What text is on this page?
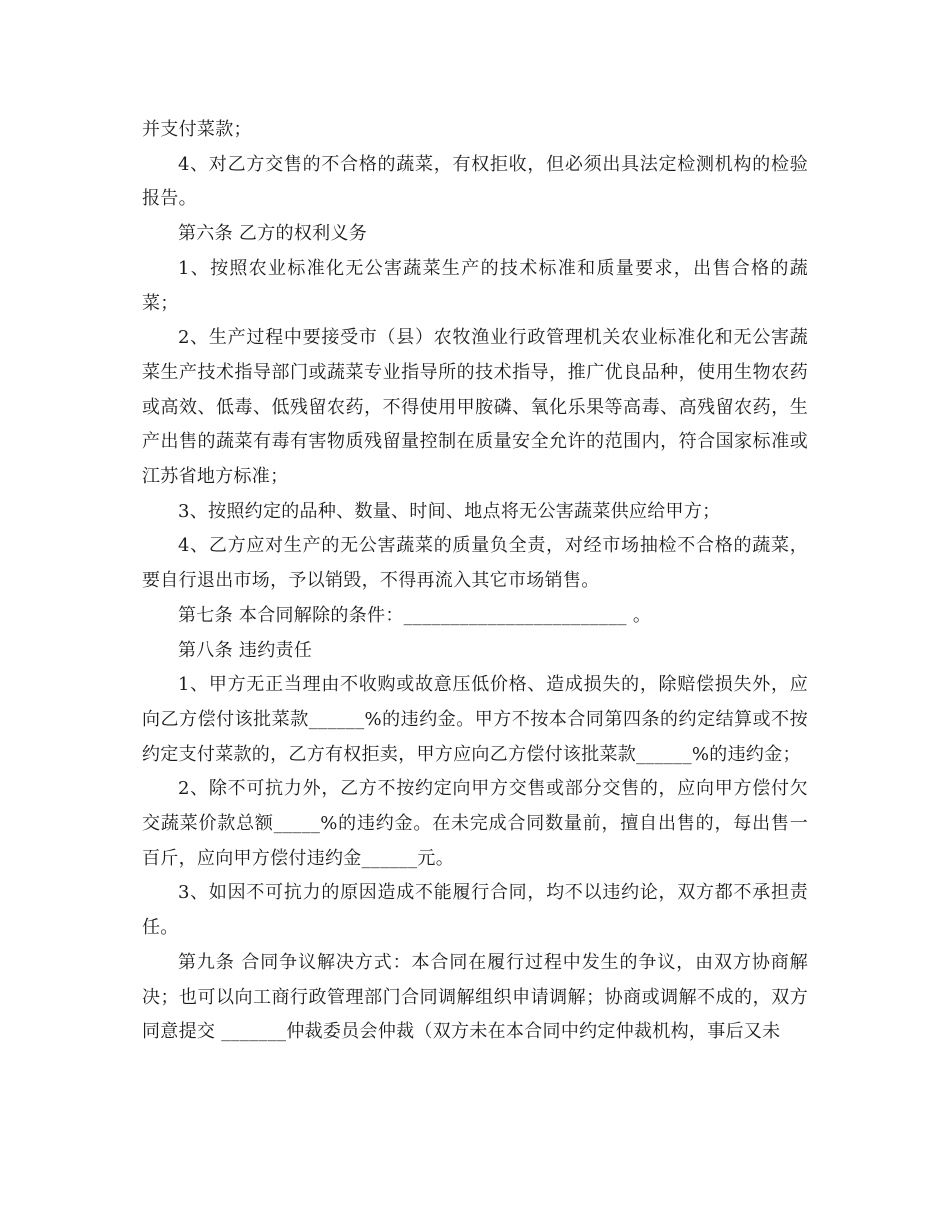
并支付菜款；

4、对乙方交售的不合格的蔬菜，有权拒收，但必须出具法定检测机构的检验报告。

第六条 乙方的权利义务

1、按照农业标准化无公害蔬菜生产的技术标准和质量要求，出售合格的蔬菜；

2、生产过程中要接受市（县）农牧渔业行政管理机关农业标准化和无公害蔬菜生产技术指导部门或蔬菜专业指导所的技术指导，推广优良品种，使用生物农药或高效、低毒、低残留农药，不得使用甲胺磷、氧化乐果等高毒、高残留农药，生产出售的蔬菜有毒有害物质残留量控制在质量安全允许的范围内，符合国家标准或江苏省地方标准；

3、按照约定的品种、数量、时间、地点将无公害蔬菜供应给甲方；

4、乙方应对生产的无公害蔬菜的质量负全责，对经市场抽检不合格的蔬菜，要自行退出市场，予以销毁，不得再流入其它市场销售。

第七条 本合同解除的条件：________________________ 。

第八条 违约责任

1、甲方无正当理由不收购或故意压低价格、造成损失的，除赔偿损失外，应向乙方偿付该批菜款______%的违约金。甲方不按本合同第四条的约定结算或不按约定支付菜款的，乙方有权拒卖，甲方应向乙方偿付该批菜款______%的违约金；

2、除不可抗力外，乙方不按约定向甲方交售或部分交售的，应向甲方偿付欠交蔬菜价款总额_____%的违约金。在未完成合同数量前，擅自出售的，每出售一百斤，应向甲方偿付违约金______元。

3、如因不可抗力的原因造成不能履行合同，均不以违约论，双方都不承担责任。

第九条 合同争议解决方式：本合同在履行过程中发生的争议，由双方协商解决；也可以向工商行政管理部门合同调解组织申请调解；协商或调解不成的，双方同意提交 _______仲裁委员会仲裁（双方未在本合同中约定仲裁机构，事后又未
